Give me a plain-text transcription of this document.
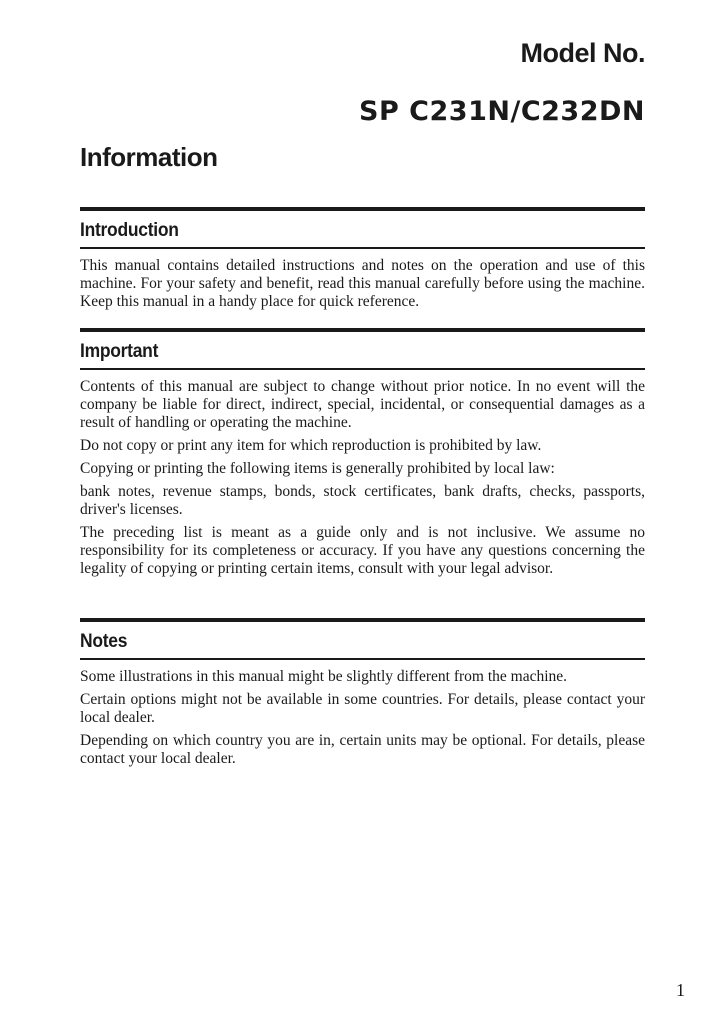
Model No.
SP C231N/C232DN
Information
Introduction

This manual contains detailed instructions and notes on the operation and use of this machine. For your safety and benefit, read this manual carefully before using the machine. Keep this manual in a handy place for quick reference.

Important

Contents of this manual are subject to change without prior notice. In no event will the company be liable for direct, indirect, special, incidental, or consequential damages as a result of handling or operating the machine.

Do not copy or print any item for which reproduction is prohibited by law.

Copying or printing the following items is generally prohibited by local law:

bank notes, revenue stamps, bonds, stock certificates, bank drafts, checks, passports, driver's licenses.

The preceding list is meant as a guide only and is not inclusive. We assume no responsibility for its completeness or accuracy. If you have any questions concerning the legality of copying or printing certain items, consult with your legal advisor.

Notes

Some illustrations in this manual might be slightly different from the machine.

Certain options might not be available in some countries. For details, please contact your local dealer.

Depending on which country you are in, certain units may be optional. For details, please contact your local dealer.

1
